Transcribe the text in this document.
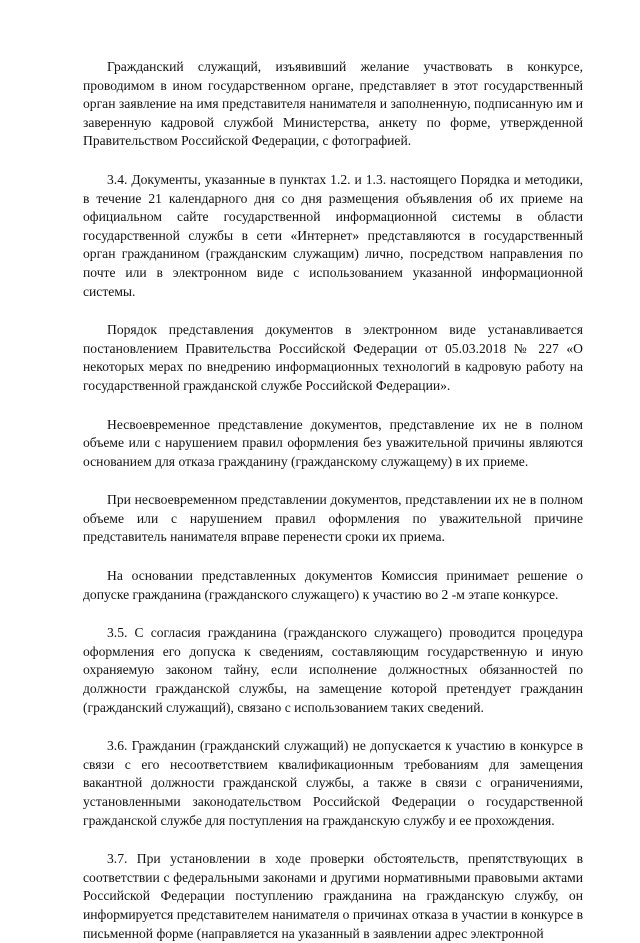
Гражданский служащий, изъявивший желание участвовать в конкурсе, проводимом в ином государственном органе, представляет в этот государственный орган заявление на имя представителя нанимателя и заполненную, подписанную им и заверенную кадровой службой Министерства, анкету по форме, утвержденной Правительством Российской Федерации, с фотографией.

3.4. Документы, указанные в пунктах 1.2. и 1.3. настоящего Порядка и методики, в течение 21 календарного дня со дня размещения объявления об их приеме на официальном сайте государственной информационной системы в области государственной службы в сети «Интернет» представляются в государственный орган гражданином (гражданским служащим) лично, посредством направления по почте или в электронном виде с использованием указанной информационной системы.

Порядок представления документов в электронном виде устанавливается постановлением Правительства Российской Федерации от 05.03.2018 № 227 «О некоторых мерах по внедрению информационных технологий в кадровую работу на государственной гражданской службе Российской Федерации».

Несвоевременное представление документов, представление их не в полном объеме или с нарушением правил оформления без уважительной причины являются основанием для отказа гражданину (гражданскому служащему) в их приеме.

При несвоевременном представлении документов, представлении их не в полном объеме или с нарушением правил оформления по уважительной причине представитель нанимателя вправе перенести сроки их приема.

На основании представленных документов Комиссия принимает решение о допуске гражданина (гражданского служащего) к участию во 2 -м этапе конкурсе.

3.5. С согласия гражданина (гражданского служащего) проводится процедура оформления его допуска к сведениям, составляющим государственную и иную охраняемую законом тайну, если исполнение должностных обязанностей по должности гражданской службы, на замещение которой претендует гражданин (гражданский служащий), связано с использованием таких сведений.

3.6. Гражданин (гражданский служащий) не допускается к участию в конкурсе в связи с его несоответствием квалификационным требованиям для замещения вакантной должности гражданской службы, а также в связи с ограничениями, установленными законодательством Российской Федерации о государственной гражданской службе для поступления на гражданскую службу и ее прохождения.

3.7. При установлении в ходе проверки обстоятельств, препятствующих в соответствии с федеральными законами и другими нормативными правовыми актами Российской Федерации поступлению гражданина на гражданскую службу, он информируется представителем нанимателя о причинах отказа в участии в конкурсе в письменной форме (направляется на указанный в заявлении адрес электронной
